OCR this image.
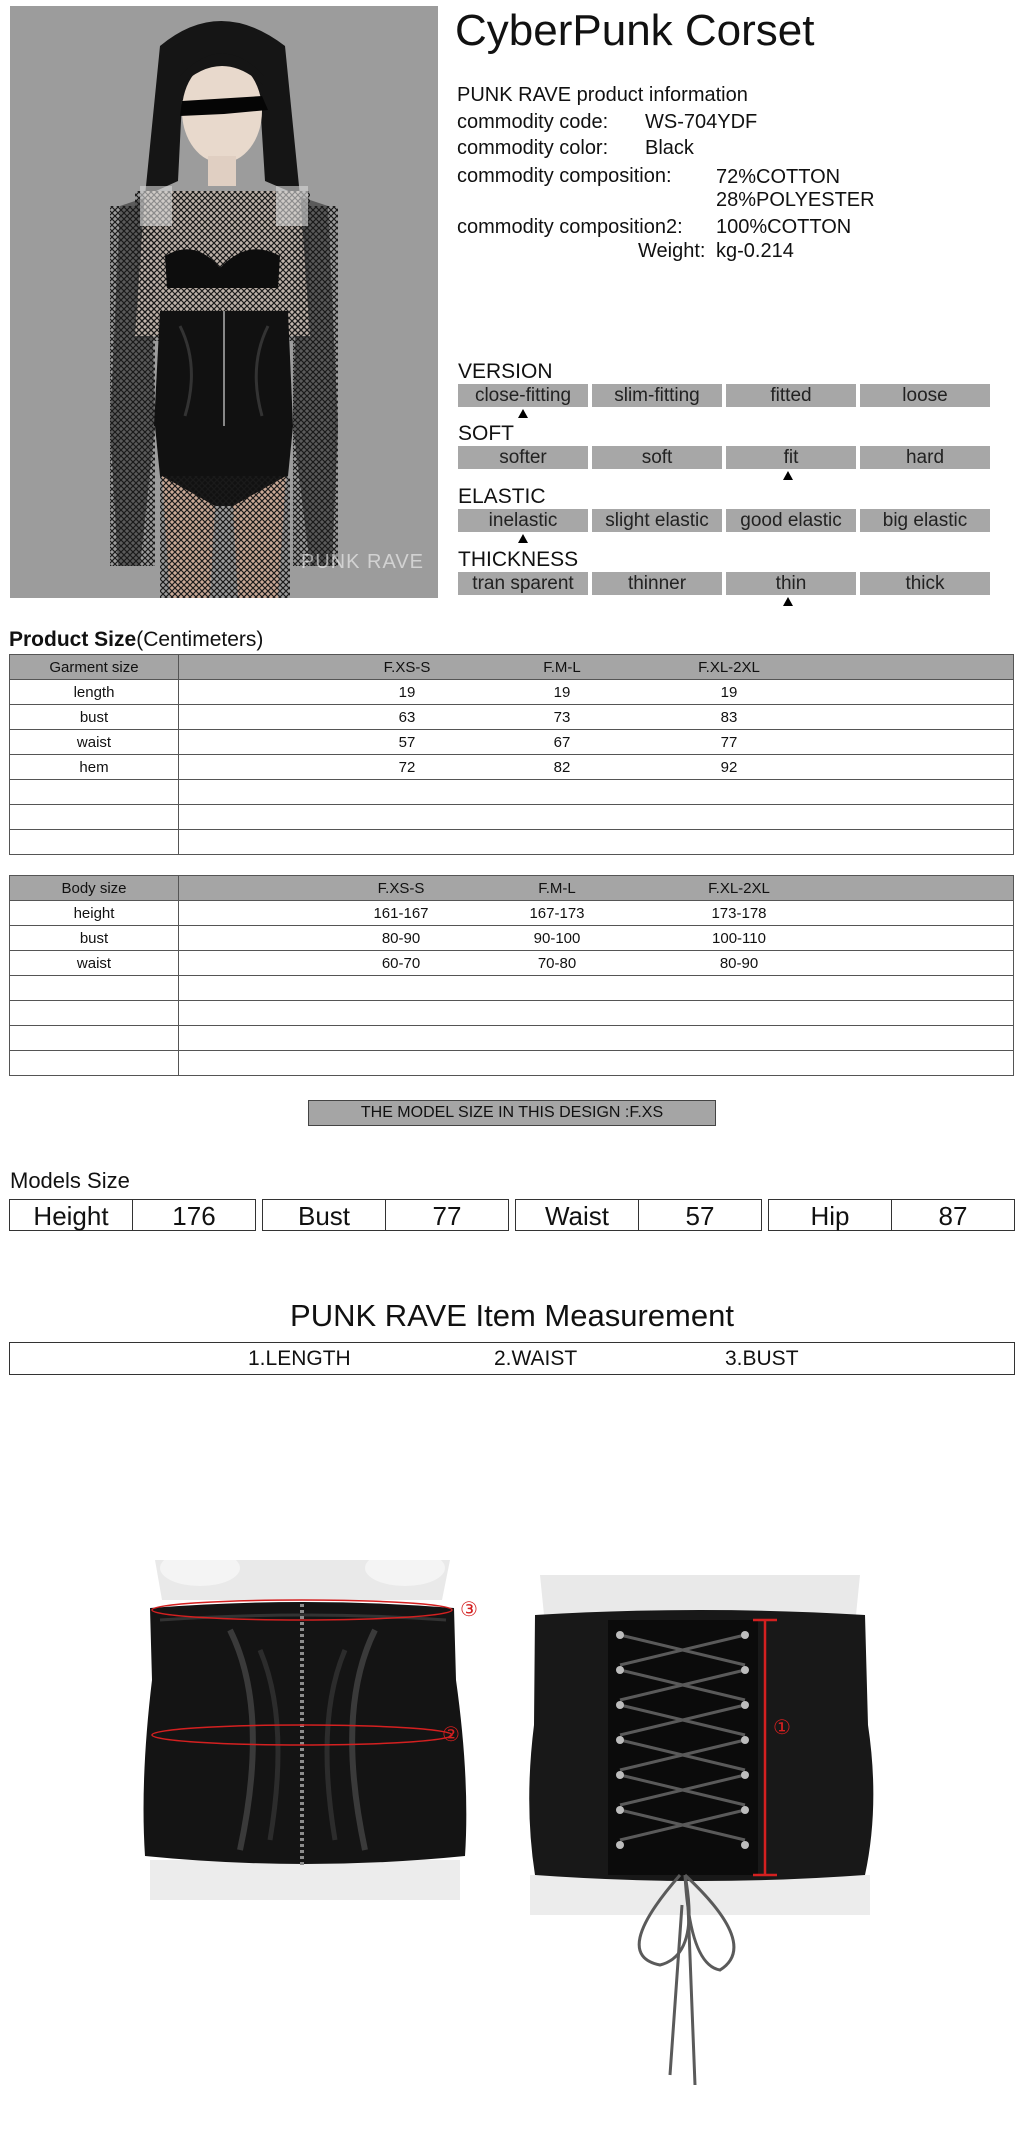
PUNK RAVE
CyberPunk Corset
PUNK RAVE product information
commodity code: WS-704YDF
commodity color: Black
commodity composition: 72%COTTON
28%POLYESTER
commodity composition2: 100%COTTON
Weight: kg-0.214
VERSION
close-fitting	slim-fitting	fitted	loose
SOFT
softer	soft	fit	hard
ELASTIC
inelastic	slight elastic	good elastic	big elastic
THICKNESS
tran sparent	thinner	thin	thick
Product Size(Centimeters)
Garment size	F.XS-S F.M-L F.XL-2XL

length	19 19 19

bust	63 73 83

waist	57 67 77

hem	72 82 92

Body size	F.XS-S F.M-L F.XL-2XL

height	161-167 167-173 173-178

bust	80-90 90-100 100-110

waist	60-70 70-80 80-90

THE MODEL SIZE IN THIS DESIGN :F.XS
Models Size
Height	176	Bust	77	Waist	57	Hip	87
PUNK RAVE Item Measurement
1.LENGTH	2.WAIST	3.BUST
③
②	①
